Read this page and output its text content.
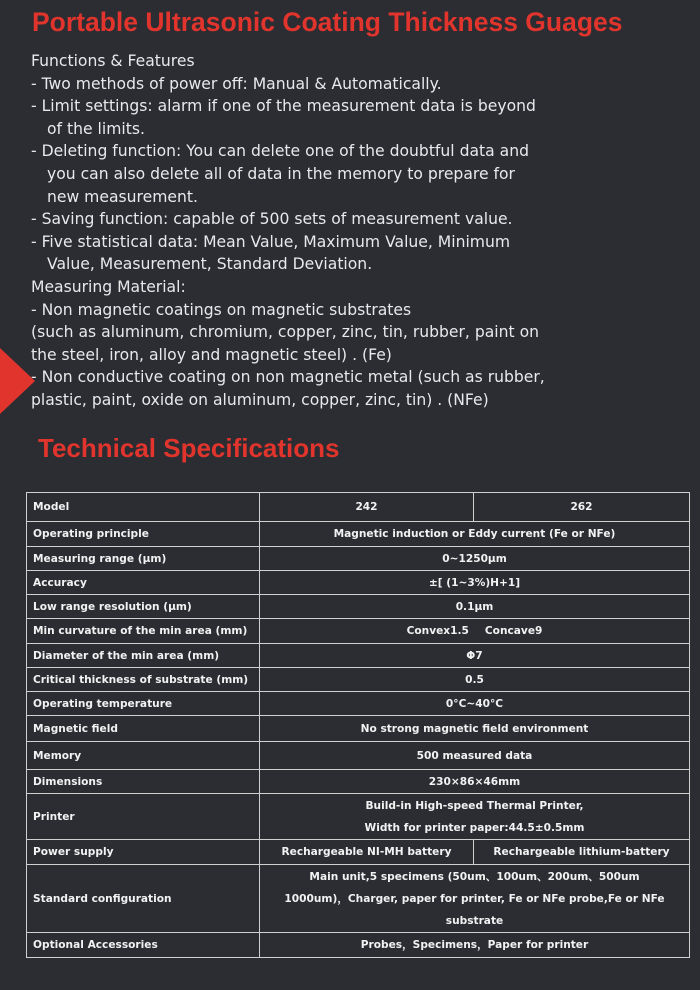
Portable Ultrasonic Coating Thickness Guages
Functions & Features
- Two methods of power off: Manual & Automatically.
- Limit settings: alarm if one of the measurement data is beyond
of the limits.
- Deleting function: You can delete one of the doubtful data and
you can also delete all of data in the memory to prepare for
new measurement.
- Saving function: capable of 500 sets of measurement value.
- Five statistical data: Mean Value, Maximum Value, Minimum
Value, Measurement, Standard Deviation.
Measuring Material:
- Non magnetic coatings on magnetic substrates
(such as aluminum, chromium, copper, zinc, tin, rubber, paint on
the steel, iron, alloy and magnetic steel) . (Fe)
- Non conductive coating on non magnetic metal (such as rubber,
plastic, paint, oxide on aluminum, copper, zinc, tin) . (NFe)
Technical Specifications
Model	242	262
Operating principle	Magnetic induction or Eddy current (Fe or NFe)	
Measuring range (μm)	0~1250μm	
Accuracy	±[ (1~3%)H+1]	
Low range resolution (μm)	0.1μm	
Min curvature of the min area (mm)	Convex1.5 Concave9	
Diameter of the min area (mm)	Φ7	
Critical thickness of substrate (mm)	0.5	
Operating temperature	0°C~40°C	
Magnetic field	No strong magnetic field environment	
Memory	500 measured data	
Dimensions	230×86×46mm	
Printer	Build-in High-speed Thermal Printer,
Width for printer paper:44.5±0.5mm	

Power supply	Rechargeable NI-MH battery	Rechargeable lithium-battery
Standard configuration	Main unit,5 specimens (50um、100um、200um、500um
1000um)，Charger, paper for printer, Fe or NFe probe,Fe or NFe
substrate	

Optional Accessories	Probes，Specimens，Paper for printer	
